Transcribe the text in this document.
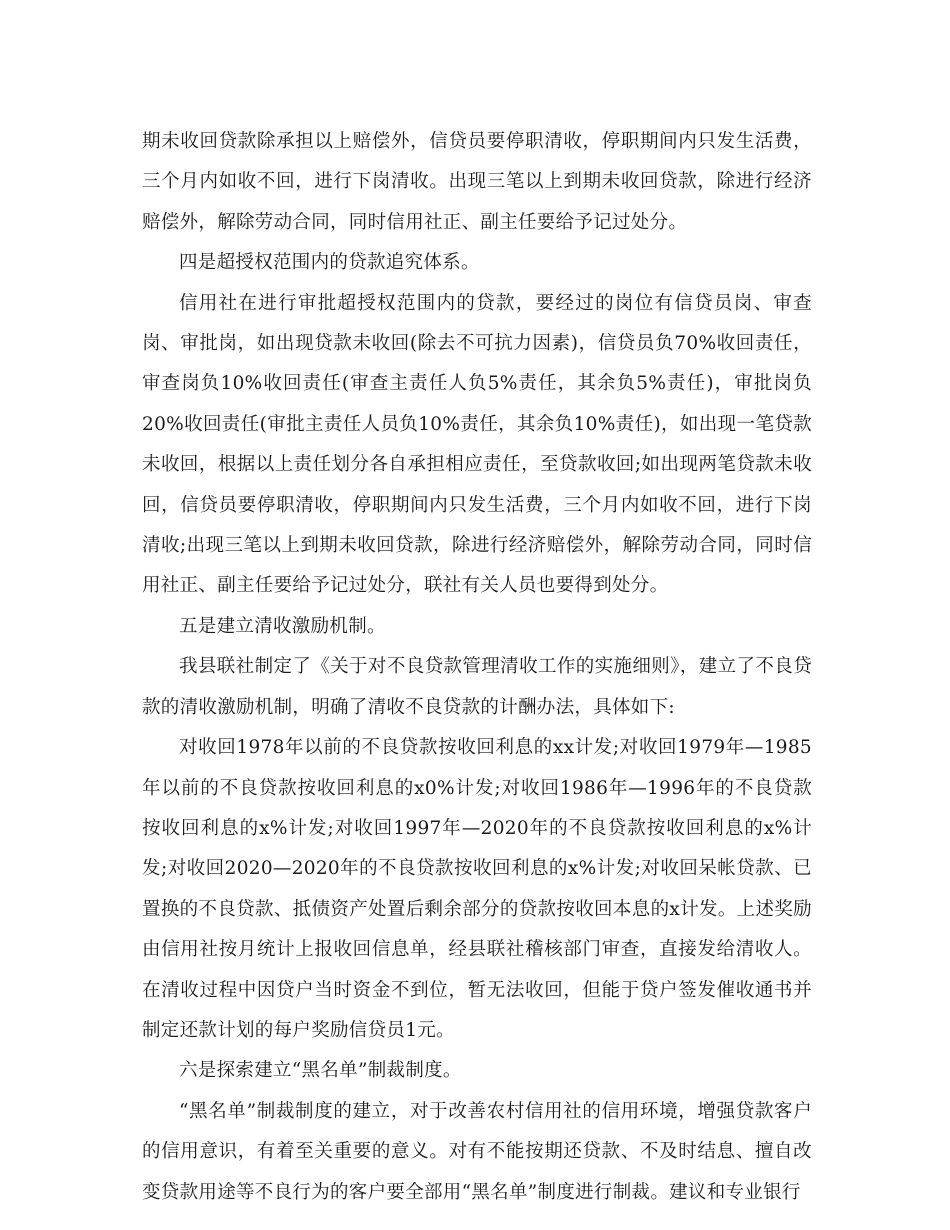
期未收回贷款除承担以上赔偿外，信贷员要停职清收，停职期间内只发生活费，三个月内如收不回，进行下岗清收。出现三笔以上到期未收回贷款，除进行经济赔偿外，解除劳动合同，同时信用社正、副主任要给予记过处分。

四是超授权范围内的贷款追究体系。

信用社在进行审批超授权范围内的贷款，要经过的岗位有信贷员岗、审查岗、审批岗，如出现贷款未收回(除去不可抗力因素)，信贷员负70%收回责任，审查岗负10%收回责任(审查主责任人负5%责任，其余负5%责任)，审批岗负20%收回责任(审批主责任人员负10%责任，其余负10%责任)，如出现一笔贷款未收回，根据以上责任划分各自承担相应责任，至贷款收回;如出现两笔贷款未收回，信贷员要停职清收，停职期间内只发生活费，三个月内如收不回，进行下岗清收;出现三笔以上到期未收回贷款，除进行经济赔偿外，解除劳动合同，同时信用社正、副主任要给予记过处分，联社有关人员也要得到处分。

五是建立清收激励机制。

我县联社制定了《关于对不良贷款管理清收工作的实施细则》，建立了不良贷款的清收激励机制，明确了清收不良贷款的计酬办法，具体如下:

对收回1978年以前的不良贷款按收回利息的xx计发;对收回1979年—1985年以前的不良贷款按收回利息的x0%计发;对收回1986年—1996年的不良贷款按收回利息的x%计发;对收回1997年—2020年的不良贷款按收回利息的x%计发;对收回2020—2020年的不良贷款按收回利息的x%计发;对收回呆帐贷款、已置换的不良贷款、抵债资产处置后剩余部分的贷款按收回本息的x计发。上述奖励由信用社按月统计上报收回信息单，经县联社稽核部门审查，直接发给清收人。在清收过程中因贷户当时资金不到位，暂无法收回，但能于贷户签发催收通书并制定还款计划的每户奖励信贷员1元。

六是探索建立“黑名单”制裁制度。

“黑名单”制裁制度的建立，对于改善农村信用社的信用环境，增强贷款客户的信用意识，有着至关重要的意义。对有不能按期还贷款、不及时结息、擅自改变贷款用途等不良行为的客户要全部用“黑名单”制度进行制裁。建议和专业银行
